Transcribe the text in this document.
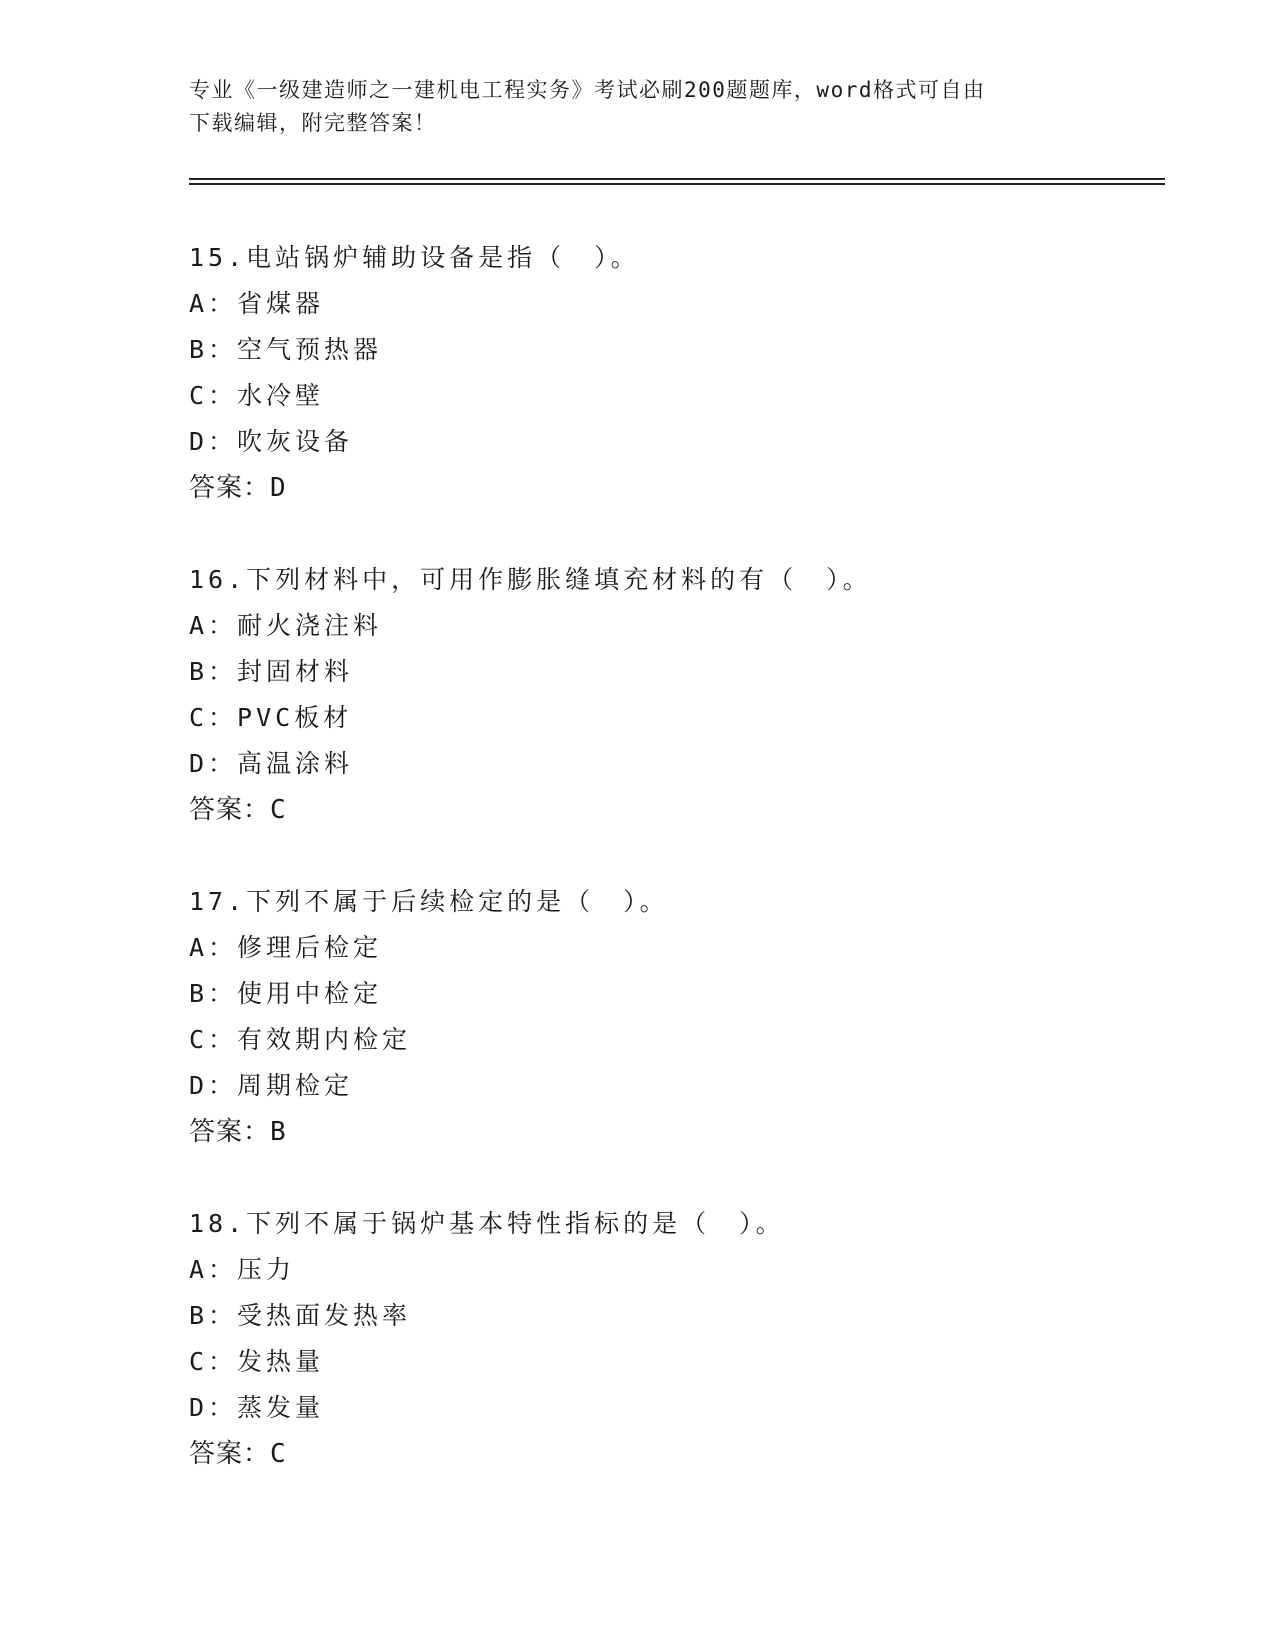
专业《一级建造师之一建机电工程实务》考试必刷200题题库，word格式可自由
下载编辑，附完整答案！
15.电站锅炉辅助设备是指（　）。
A：省煤器
B：空气预热器
C：水冷壁
D：吹灰设备
答案：D
16.下列材料中，可用作膨胀缝填充材料的有（　）。
A：耐火浇注料
B：封固材料
C：PVC板材
D：高温涂料
答案：C
17.下列不属于后续检定的是（　）。
A：修理后检定
B：使用中检定
C：有效期内检定
D：周期检定
答案：B
18.下列不属于锅炉基本特性指标的是（　）。
A：压力
B：受热面发热率
C：发热量
D：蒸发量
答案：C
